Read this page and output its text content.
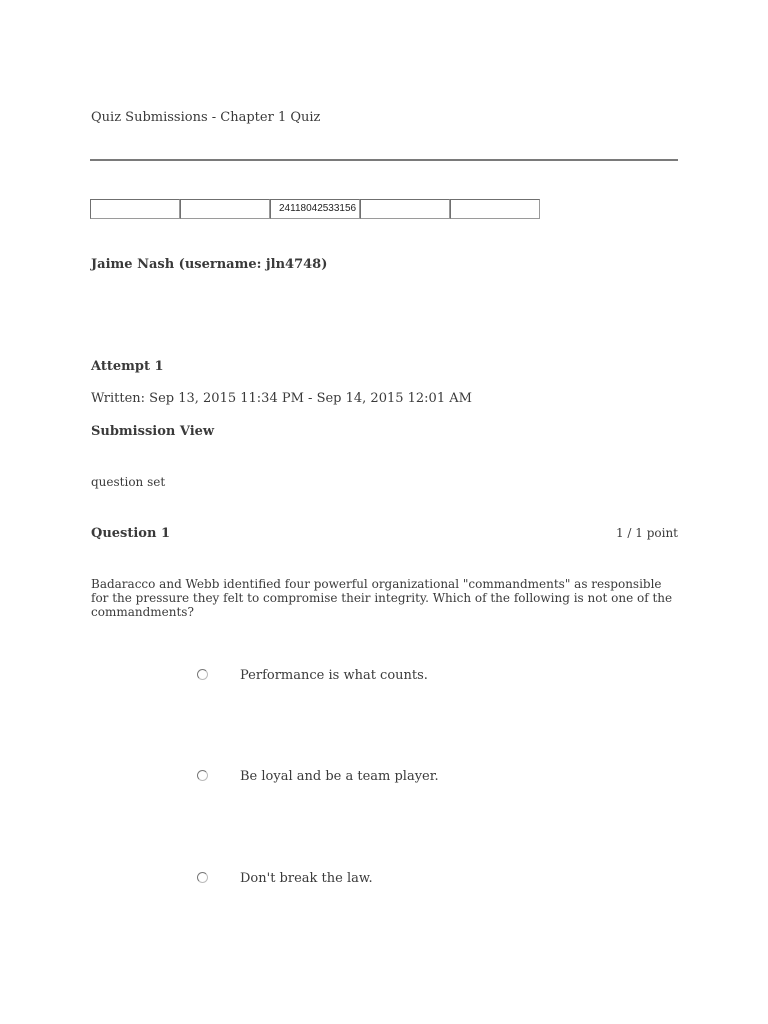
Quiz Submissions - Chapter 1 Quiz
24118042533156
Jaime Nash (username: jln4748)
Attempt 1
Written: Sep 13, 2015 11:34 PM - Sep 14, 2015 12:01 AM
Submission View
question set
Question 1	1 / 1 point
Badaracco and Webb identified four powerful organizational "commandments" as responsible for the pressure they felt to compromise their integrity. Which of the following is not one of the commandments?
Performance is what counts.
Be loyal and be a team player.
Don't break the law.
